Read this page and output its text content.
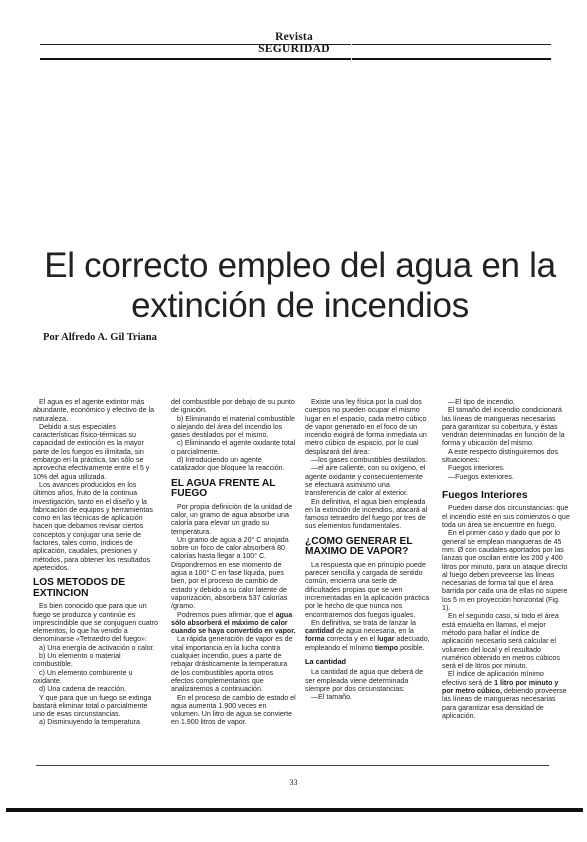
Revista
SEGURIDAD
El correcto empleo del agua en la
extinción de incendios
Por Alfredo A. Gil Triana

El agua es el agente extintor más abundante, económico y efectivo de la naturaleza.

Debido a sus especiales características físico-térmicas su capacidad de extinción es la mayor parte de los fuegos es ilimitada, sin embargo en la práctica, tan sólo se aprovecha efectivamente entre el 5 y 10% del agua utilizada.

Los avances producidos en los últimos años, fruto de la continua investigación, tanto en el diseño y la fabricación de equipos y herramientas como en las técnicas de aplicación hacen que debamos revisar ciertos conceptos y conjugar una serie de factores, tales como, índices de aplicación, caudales, presiones y métodos, para obtener los resultados apetecidos.

LOS METODOS DE EXTINCION

Es bien conocido que para que un fuego se produzca y continúe es imprescindible que se conjuguen cuatro elementos, lo que ha venido a denominarse «Tetraedro del fuego»:

a) Una energía de activación o calor.

b) Un elemento o material combustible.

c) Un elemento comburente u oxidante.

d) Una cadena de reacción.

Y que para que un fuego se extinga bastará eliminar total o parcialmente uno de esas circunstancias.

a) Disminuyendo la temperatura

del combustible por debajo de su punto de ignición.

b) Eliminando el material combustible o alejando del área del incendio los gases destilados por el mismo.

c) Eliminando el agente oxidante total o parcialmente.

d) Introduciendo un agente catalizador que bloquee la reacción.

EL AGUA FRENTE AL FUEGO

Por propia definición de la unidad de calor, un gramo de agua absorbe una caloría para elevar un grado su temperatura.

Un gramo de agua a 20° C anojada sobre un foco de calor absorberá 80 calorías hasta llegar a 100° C. Dispondremos en ese momento de agua a 100° C en fase líquida, pues bien, por el proceso de cambio de estado y debido a su calor latente de vaporización, absorbera 537 calorías /gramo.

Podremos pues afirmar, que el agua sólo absorberá el máximo de calor cuando se haya convertido en vapor.

La rápida generación de vapor es de vital importancia en la lucha contra cualquier incendio, pues a parte de rebajar drásticamente la temperatura de los combustibles aporta otros efectos complementarios que analizaremos a continuación.

En el proceso de cambio de estado el agua aumenta 1.900 veces en volumen. Un litro de agua se convierte en 1.900 litros de vapor.

Existe una ley física por la cual dos cuerpos no pueden ocupar el mismo lugar en el espacio, cada metro cúbico de vapor generado en el foco de un incendio exigirá de forma inmediata un metro cúbico de espacio, por lo cual desplazará del área:

—los gases combustibles destilados.

—el aire caliente, con su oxígeno, el agente oxidante y consecuentemente se efectuará asimismo una transferencia de calor al exterior.

En definitiva, el agua bien empleada en la extinción de incendios, atacará al famoso tetraedro del fuego por tres de sus elementos fundamentales.

¿COMO GENERAR EL MAXIMO DE VAPOR?

La respuesta que en principio puede parecer sencilla y cargada de sentido común, encierra una serie de dificultades propias que se ven incrementadas en la aplicación práctica por le hecho de que nunca nos encontraremos dos fuegos iguales.

En definitiva, se trata de lanzar la cantidad de agua necesaria, en la forma correcta y en el lugar adecuado, empleando el mínimo tiempo posible.

La cantidad

La cantidad de agua que deberá de ser empleada viene determinada siempre por dos circunstancias:

—El tamaño.

—El tipo de incendio.

El tamaño del incendio condicionará las líneas de mangueras necesarias para garantizar su cobertura, y éstas vendrán determinadas en función de la forma y ubicación del mismo.

A este respecto distinguiremos dos situaciones:

Fuegos interiores.

—Fuegos exteriores.

Fuegos Interiores

Pueden darse dos circunstancias: que el incendio esté en sus comienzos o que toda un área se encuentre en fuego.

En el primer caso y dado que por lo general se emplean mangueras de 45 mm. Ø con caudales aportados por las lanzas que oscilan entre los 200 y 400 litros por minuto, para un ataque directo al fuego deben preveerse las líneas necesarias de forma tal que el área barrida por cada una de ellas no supere los 5 m en proyección horizontal (Fig. 1).

En el segundo caso, si todo el área está envuelta en llamas, el mejor método para hallar el índice de aplicación necesario será calcular el volumen del local y el resultado numérico obtenido en metros cúbicos será el de litros por minuto.

El índice de aplicación mínimo efectivo será de 1 litro por minuto y por metro cúbico, debiendo proveerse las líneas de mangueras necesarias para garantizar esa densidad de aplicación.

33
